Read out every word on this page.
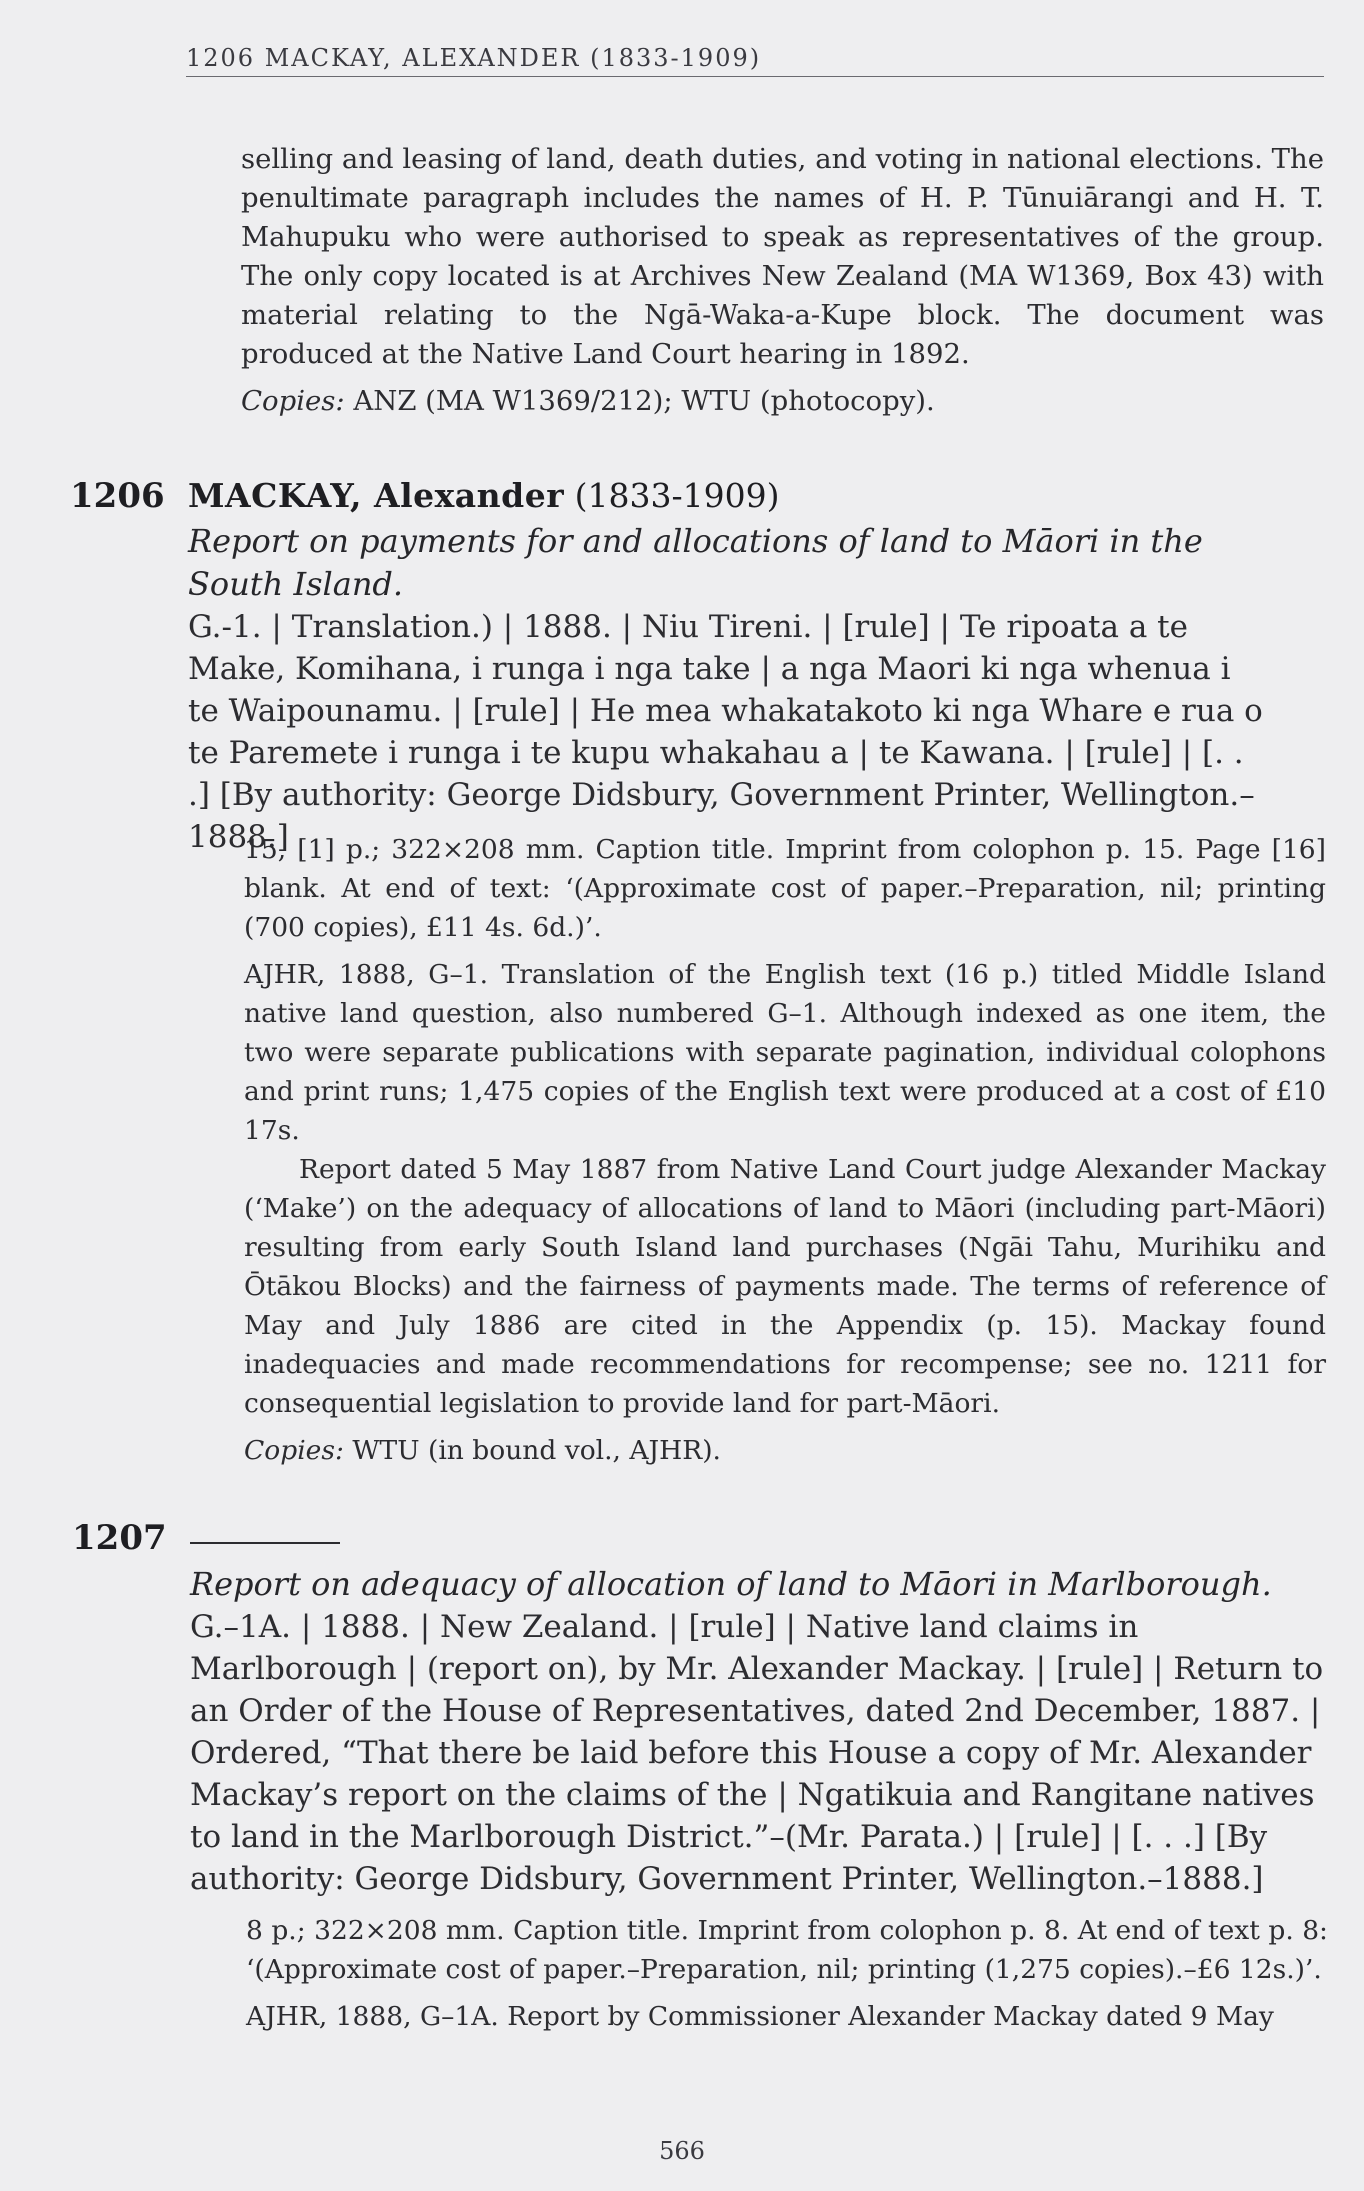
1206 MACKAY, ALEXANDER (1833-1909)

selling and leasing of land, death duties, and voting in national elections. The penultimate paragraph includes the names of H. P. Tūnuiārangi and H. T. Mahupuku who were authorised to speak as representatives of the group. The only copy located is at Archives New Zealand (MA W1369, Box 43) with material relating to the Ngā-Waka-a-Kupe block. The document was produced at the Native Land Court hearing in 1892.

Copies: ANZ (MA W1369/212); WTU (photocopy).

1206 MACKAY, Alexander (1833-1909)

Report on payments for and allocations of land to Māori in the South Island.

G.-1. | Translation.) | 1888. | Niu Tireni. | [rule] | Te ripoata a te Make, Komihana, i runga i nga take | a nga Maori ki nga whenua i te Waipounamu. | [rule] | He mea whakatakoto ki nga Whare e rua o te Paremete i runga i te kupu whakahau a | te Kawana. | [rule] | [. . .] [By authority: George Didsbury, Government Printer, Wellington.–1888.]

15, [1] p.; 322×208 mm. Caption title. Imprint from colophon p. 15. Page [16] blank. At end of text: ‘(Approximate cost of paper.–Preparation, nil; printing (700 copies), £11 4s. 6d.)’.

AJHR, 1888, G–1. Translation of the English text (16 p.) titled Middle Island native land question, also numbered G–1. Although indexed as one item, the two were separate publications with separate pagination, individual colophons and print runs; 1,475 copies of the English text were produced at a cost of £10 17s.

Report dated 5 May 1887 from Native Land Court judge Alexander Mackay (‘Make’) on the adequacy of allocations of land to Māori (including part-Māori) resulting from early South Island land purchases (Ngāi Tahu, Murihiku and Ōtākou Blocks) and the fairness of payments made. The terms of reference of May and July 1886 are cited in the Appendix (p. 15). Mackay found inadequacies and made recommendations for recompense; see no. 1211 for consequential legislation to provide land for part-Māori.

Copies: WTU (in bound vol., AJHR).

1207

Report on adequacy of allocation of land to Māori in Marlborough.

G.–1A. | 1888. | New Zealand. | [rule] | Native land claims in Marlborough | (report on), by Mr. Alexander Mackay. | [rule] | Return to an Order of the House of Representatives, dated 2nd December, 1887. | Ordered, “That there be laid before this House a copy of Mr. Alexander Mackay’s report on the claims of the | Ngatikuia and Rangitane natives to land in the Marlborough District.”–(Mr. Parata.) | [rule] | [. . .] [By authority: George Didsbury, Government Printer, Wellington.–1888.]

8 p.; 322×208 mm. Caption title. Imprint from colophon p. 8. At end of text p. 8: ‘(Approximate cost of paper.–Preparation, nil; printing (1,275 copies).–£6 12s.)’.

AJHR, 1888, G–1A. Report by Commissioner Alexander Mackay dated 9 May

566
